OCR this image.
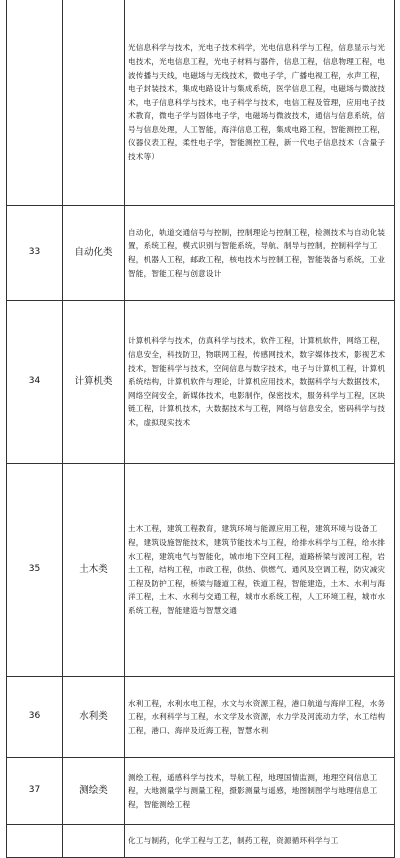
		光信息科学与技术，光电子技术科学，光电信息科学与工程，信息显示与光电技术，光电信息工程，光电子材料与器件，信息工程，信息物理工程，电波传播与天线，电磁场与无线技术，微电子学，广播电视工程，水声工程，电子封装技术，集成电路设计与集成系统，医学信息工程，电磁场与微波技术，电子信息科学与技术，电子科学与技术，电信工程及管理，应用电子技术教育，微电子学与固体电子学，电磁场与微波技术，通信与信息系统，信号与信息处理，人工智能，海洋信息工程，集成电路工程，智能测控工程，仪器仪表工程，柔性电子学，智能测控工程，新一代电子信息技术（含量子技术等）
33	自动化类	自动化，轨道交通信号与控制，控制理论与控制工程，检测技术与自动化装置，系统工程，模式识别与智能系统，导航、制导与控制，控制科学与工程，机器人工程，邮政工程，核电技术与控制工程，智能装备与系统，工业智能，智能工程与创意设计
34	计算机类	计算机科学与技术，仿真科学与技术，软件工程，计算机软件，网络工程，信息安全，科技防卫，物联网工程，传感网技术，数字媒体技术，影视艺术技术，智能科学与技术，空间信息与数字技术，电子与计算机工程，计算机系统结构，计算机软件与理论，计算机应用技术，数据科学与大数据技术，网络空间安全，新媒体技术，电影制作，保密技术，服务科学与工程，区块链工程，计算机技术，大数据技术与工程，网络与信息安全，密码科学与技术，虚拟现实技术
35	土木类	土木工程，建筑工程教育，建筑环境与能源应用工程，建筑环境与设备工程，建筑设施智能技术，建筑节能技术与工程，给排水科学与工程，给水排水工程，建筑电气与智能化，城市地下空间工程，道路桥梁与渡河工程，岩土工程，结构工程，市政工程，供热、供燃气、通风及空调工程，防灾减灾工程及防护工程，桥梁与隧道工程，铁道工程，智能建造，土木、水利与海洋工程，土木、水利与交通工程，城市水系统工程，人工环境工程，城市水系统工程，智能建造与智慧交通
36	水利类	水利工程，水利水电工程，水文与水资源工程，港口航道与海岸工程，水务工程，水利科学与工程，水文学及水资源，水力学及河流动力学，水工结构工程，港口、海岸及近海工程，智慧水利
37	测绘类	测绘工程，遥感科学与技术，导航工程，地理国情监测，地理空间信息工程，大地测量学与测量工程，摄影测量与遥感，地图制图学与地理信息工程，智能测绘工程
		化工与制药，化学工程与工艺，制药工程，资源循环科学与工
